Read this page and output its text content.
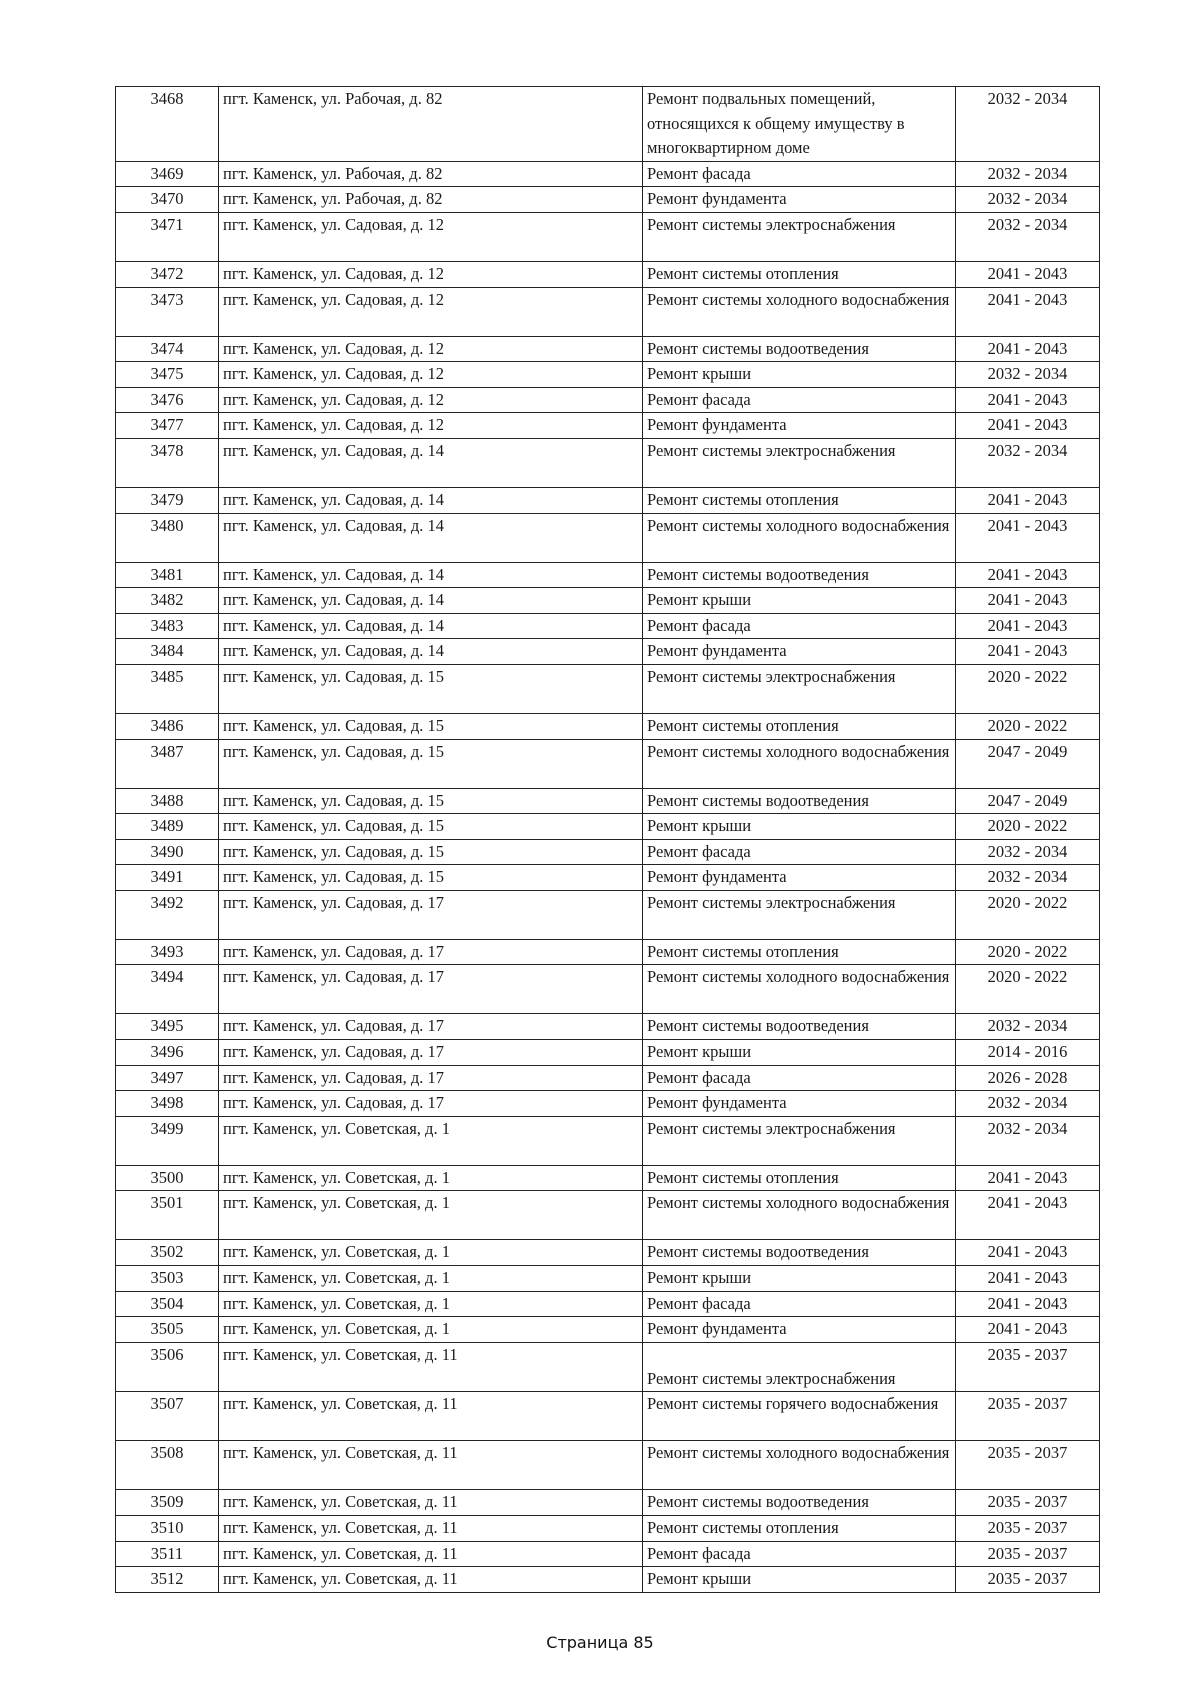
3468	пгт. Каменск, ул. Рабочая, д. 82	Ремонт подвальных помещений, относящихся к общему имуществу в многоквартирном доме	2032 - 2034
3469	пгт. Каменск, ул. Рабочая, д. 82	Ремонт фасада	2032 - 2034
3470	пгт. Каменск, ул. Рабочая, д. 82	Ремонт фундамента	2032 - 2034
3471	пгт. Каменск, ул. Садовая, д. 12	Ремонт системы электроснабжения	2032 - 2034
3472	пгт. Каменск, ул. Садовая, д. 12	Ремонт системы отопления	2041 - 2043
3473	пгт. Каменск, ул. Садовая, д. 12	Ремонт системы холодного водоснабжения	2041 - 2043
3474	пгт. Каменск, ул. Садовая, д. 12	Ремонт системы водоотведения	2041 - 2043
3475	пгт. Каменск, ул. Садовая, д. 12	Ремонт крыши	2032 - 2034
3476	пгт. Каменск, ул. Садовая, д. 12	Ремонт фасада	2041 - 2043
3477	пгт. Каменск, ул. Садовая, д. 12	Ремонт фундамента	2041 - 2043
3478	пгт. Каменск, ул. Садовая, д. 14	Ремонт системы электроснабжения	2032 - 2034
3479	пгт. Каменск, ул. Садовая, д. 14	Ремонт системы отопления	2041 - 2043
3480	пгт. Каменск, ул. Садовая, д. 14	Ремонт системы холодного водоснабжения	2041 - 2043
3481	пгт. Каменск, ул. Садовая, д. 14	Ремонт системы водоотведения	2041 - 2043
3482	пгт. Каменск, ул. Садовая, д. 14	Ремонт крыши	2041 - 2043
3483	пгт. Каменск, ул. Садовая, д. 14	Ремонт фасада	2041 - 2043
3484	пгт. Каменск, ул. Садовая, д. 14	Ремонт фундамента	2041 - 2043
3485	пгт. Каменск, ул. Садовая, д. 15	Ремонт системы электроснабжения	2020 - 2022
3486	пгт. Каменск, ул. Садовая, д. 15	Ремонт системы отопления	2020 - 2022
3487	пгт. Каменск, ул. Садовая, д. 15	Ремонт системы холодного водоснабжения	2047 - 2049
3488	пгт. Каменск, ул. Садовая, д. 15	Ремонт системы водоотведения	2047 - 2049
3489	пгт. Каменск, ул. Садовая, д. 15	Ремонт крыши	2020 - 2022
3490	пгт. Каменск, ул. Садовая, д. 15	Ремонт фасада	2032 - 2034
3491	пгт. Каменск, ул. Садовая, д. 15	Ремонт фундамента	2032 - 2034
3492	пгт. Каменск, ул. Садовая, д. 17	Ремонт системы электроснабжения	2020 - 2022
3493	пгт. Каменск, ул. Садовая, д. 17	Ремонт системы отопления	2020 - 2022
3494	пгт. Каменск, ул. Садовая, д. 17	Ремонт системы холодного водоснабжения	2020 - 2022
3495	пгт. Каменск, ул. Садовая, д. 17	Ремонт системы водоотведения	2032 - 2034
3496	пгт. Каменск, ул. Садовая, д. 17	Ремонт крыши	2014 - 2016
3497	пгт. Каменск, ул. Садовая, д. 17	Ремонт фасада	2026 - 2028
3498	пгт. Каменск, ул. Садовая, д. 17	Ремонт фундамента	2032 - 2034
3499	пгт. Каменск, ул. Советская, д. 1	Ремонт системы электроснабжения	2032 - 2034
3500	пгт. Каменск, ул. Советская, д. 1	Ремонт системы отопления	2041 - 2043
3501	пгт. Каменск, ул. Советская, д. 1	Ремонт системы холодного водоснабжения	2041 - 2043
3502	пгт. Каменск, ул. Советская, д. 1	Ремонт системы водоотведения	2041 - 2043
3503	пгт. Каменск, ул. Советская, д. 1	Ремонт крыши	2041 - 2043
3504	пгт. Каменск, ул. Советская, д. 1	Ремонт фасада	2041 - 2043
3505	пгт. Каменск, ул. Советская, д. 1	Ремонт фундамента	2041 - 2043
3506	пгт. Каменск, ул. Советская, д. 11	Ремонт системы электроснабжения	2035 - 2037
3507	пгт. Каменск, ул. Советская, д. 11	Ремонт системы горячего водоснабжения	2035 - 2037
3508	пгт. Каменск, ул. Советская, д. 11	Ремонт системы холодного водоснабжения	2035 - 2037
3509	пгт. Каменск, ул. Советская, д. 11	Ремонт системы водоотведения	2035 - 2037
3510	пгт. Каменск, ул. Советская, д. 11	Ремонт системы отопления	2035 - 2037
3511	пгт. Каменск, ул. Советская, д. 11	Ремонт фасада	2035 - 2037
3512	пгт. Каменск, ул. Советская, д. 11	Ремонт крыши	2035 - 2037
Страница 85
